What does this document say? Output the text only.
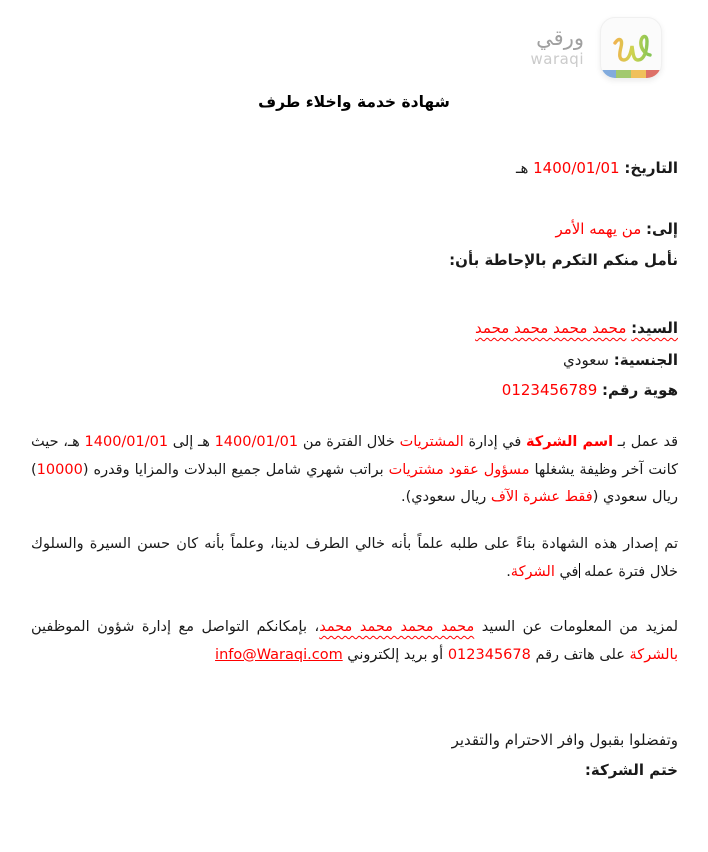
ورقي
waraqi
شهادة خدمة واخلاء طرف
التاريخ: 1400/01/01 هـ
إلى: من يهمه الأمر
نأمل منكم التكرم بالإحاطة بأن:
السيد: محمد محمد محمد محمد
الجنسية: سعودي
هوية رقم: 0123456789
قد عمل بـ اسم الشركة في إدارة المشتريات خلال الفترة من 1400/01/01 هـ إلى 1400/01/01 هـ، حيث كانت آخر وظيفة يشغلها مسؤول عقود مشتريات براتب شهري شامل جميع البدلات والمزايا وقدره (10000) ريال سعودي (فقط عشرة الآف ريال سعودي).
تم إصدار هذه الشهادة بناءً على طلبه علماً بأنه خالي الطرف لدينا، وعلماً بأنه كان حسن السيرة والسلوك خلال فترة عمله في الشركة.
لمزيد من المعلومات عن السيد محمد محمد محمد محمد، بإمكانكم التواصل مع إدارة شؤون الموظفين بالشركة على هاتف رقم 012345678 أو بريد إلكتروني info@Waraqi.com
وتفضلوا بقبول وافر الاحترام والتقدير
ختم الشركة:
